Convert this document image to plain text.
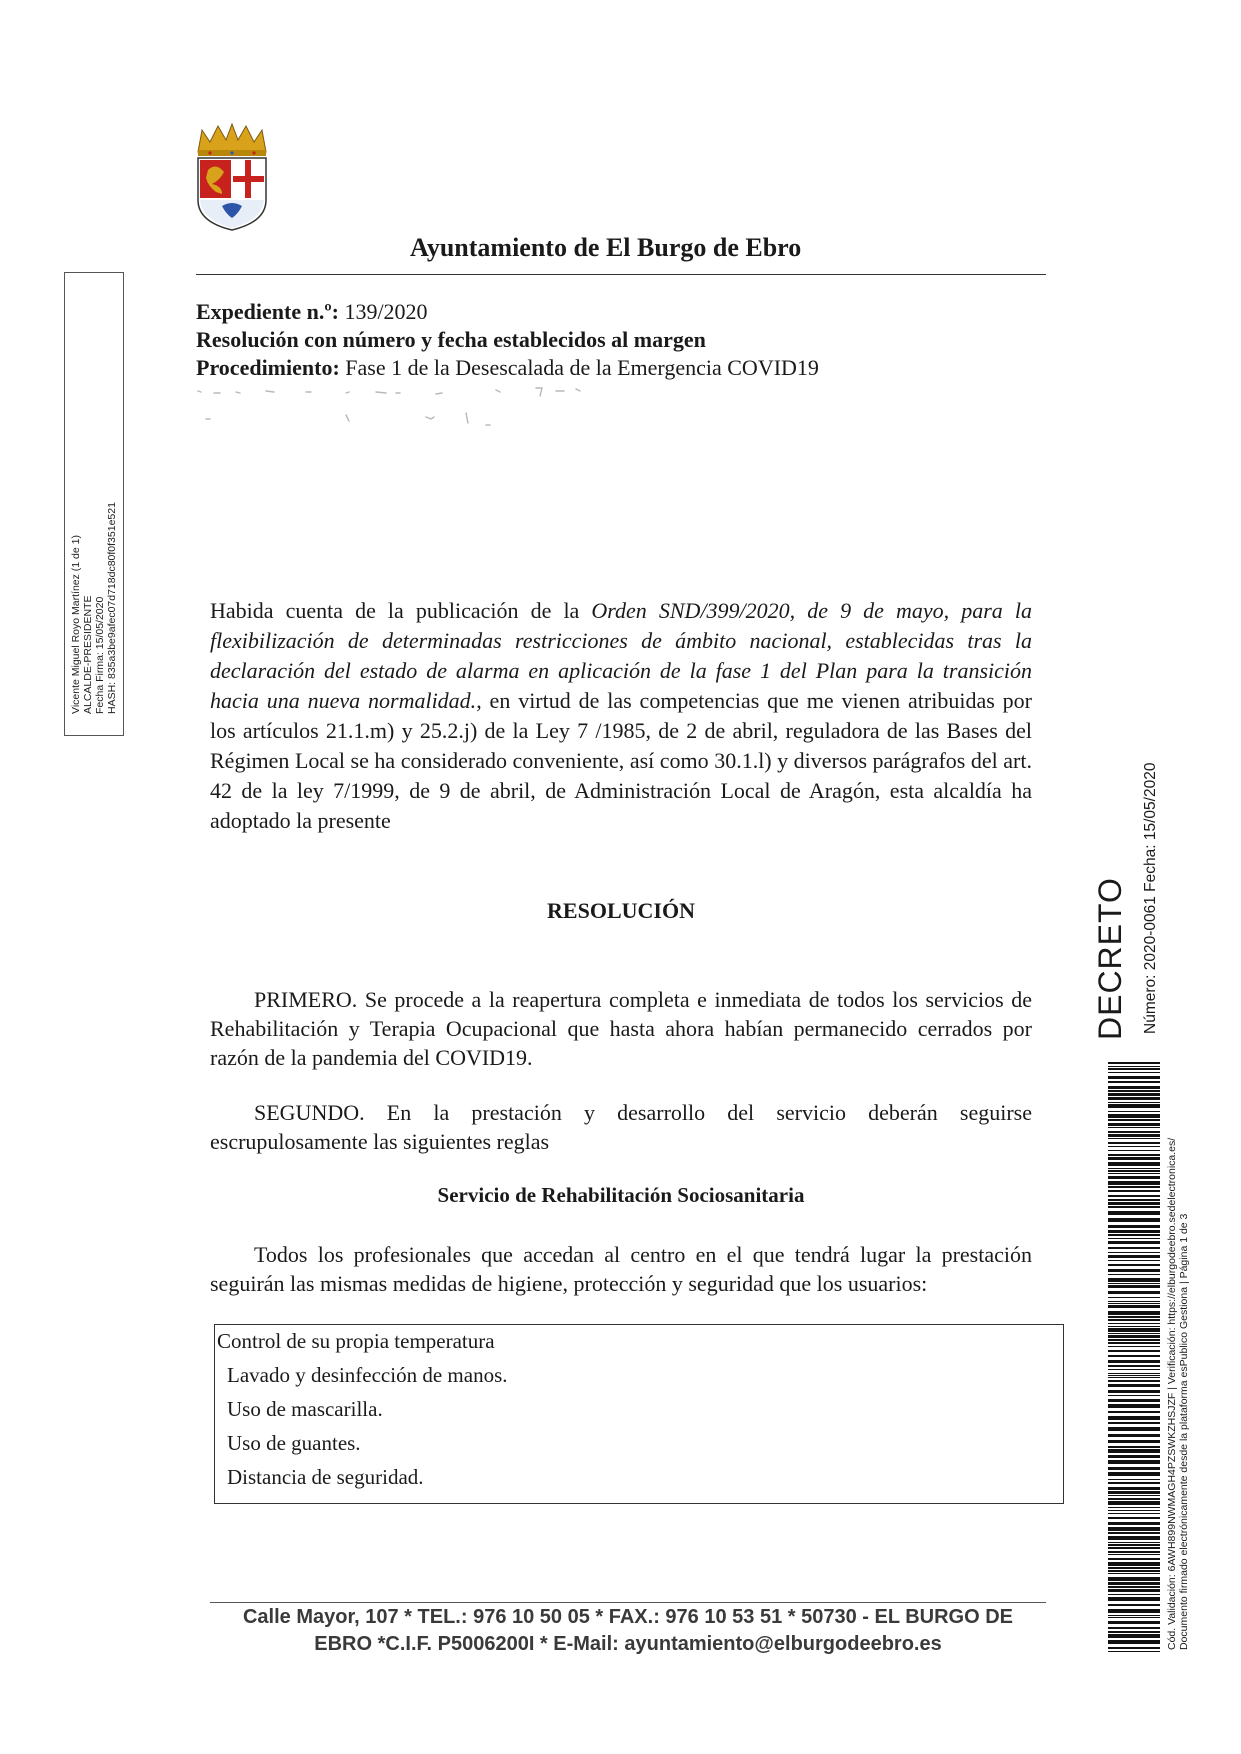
Ayuntamiento de El Burgo de Ebro
Expediente n.º: 139/2020
Resolución con número y fecha establecidos al margen
Procedimiento: Fase 1 de la Desescalada de la Emergencia COVID19
Vicente Miguel Royo Martínez (1 de 1) ALCALDE-PRESIDENTE Fecha Firma: 15/05/2020 HASH: 835a3be9afec07d718dc80f0f351e521	Habida cuenta de la publicación de la Orden SND/399/2020, de 9 de mayo, para la flexibilización de determinadas restricciones de ámbito nacional, establecidas tras la declaración del estado de alarma en aplicación de la fase 1 del Plan para la transición hacia una nueva normalidad., en virtud de las competencias que me vienen atribuidas por los artículos 21.1.m) y 25.2.j) de la Ley 7 /1985, de 2 de abril, reguladora de las Bases del Régimen Local se ha considerado conveniente, así como 30.1.l) y diversos parágrafos del art. 42 de la ley 7/1999, de 9 de abril, de Administración Local de Aragón, esta alcaldía ha adoptado la presente
RESOLUCIÓN
PRIMERO. Se procede a la reapertura completa e inmediata de todos los servicios de Rehabilitación y Terapia Ocupacional que hasta ahora habían permanecido cerrados por razón de la pandemia del COVID19.
SEGUNDO. En la prestación y desarrollo del servicio deberán seguirse escrupulosamente las siguientes reglas
Servicio de Rehabilitación Sociosanitaria
Todos los profesionales que accedan al centro en el que tendrá lugar la prestación seguirán las mismas medidas de higiene, protección y seguridad que los usuarios:
Control de su propia temperatura
Lavado y desinfección de manos.
Uso de mascarilla.
Uso de guantes.
Distancia de seguridad.
Calle Mayor, 107 * TEL.: 976 10 50 05 * FAX.: 976 10 53 51 * 50730 - EL BURGO DE
EBRO *C.I.F. P5006200I * E-Mail: ayuntamiento@elburgodeebro.es
DECRETO Número: 2020-0061 Fecha: 15/05/2020
Cód. Validación: 6AWH899NWMAGH4PZSWKZHSJZF | Verificación: https://elburgodeebro.sedelectronica.es/ Documento firmado electrónicamente desde la plataforma esPublico Gestiona | Página 1 de 3
